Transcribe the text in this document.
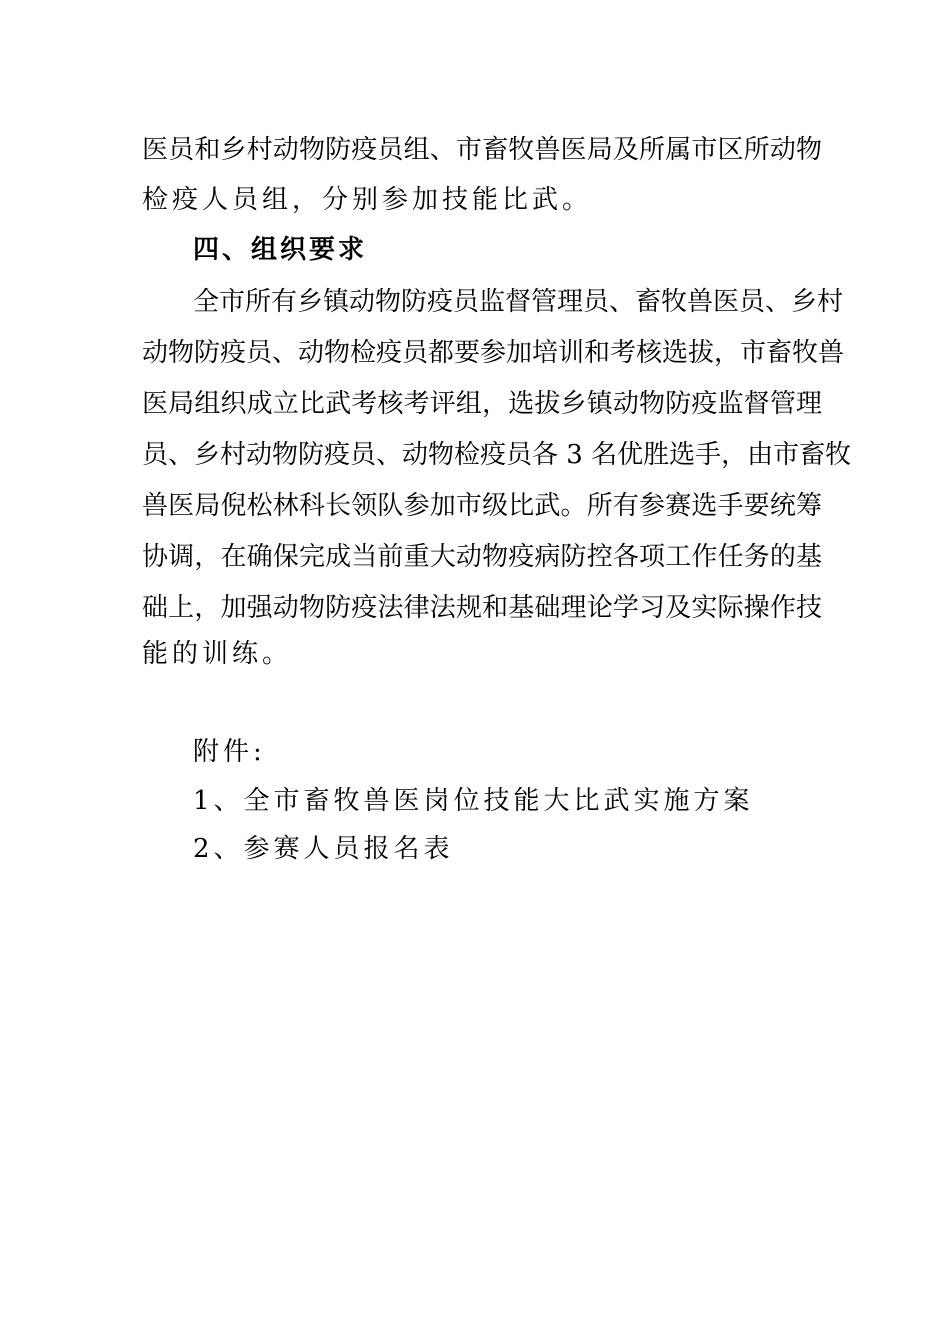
医员和乡村动物防疫员组、市畜牧兽医局及所属市区所动物
检疫人员组，分别参加技能比武。
四、组织要求
全市所有乡镇动物防疫员监督管理员、畜牧兽医员、乡村
动物防疫员、动物检疫员都要参加培训和考核选拔，市畜牧兽
医局组织成立比武考核考评组，选拔乡镇动物防疫监督管理
员、乡村动物防疫员、动物检疫员各 3 名优胜选手，由市畜牧
兽医局倪松林科长领队参加市级比武。所有参赛选手要统筹
协调，在确保完成当前重大动物疫病防控各项工作任务的基
础上，加强动物防疫法律法规和基础理论学习及实际操作技
能的训练。
附件:
1、全市畜牧兽医岗位技能大比武实施方案
2、参赛人员报名表
